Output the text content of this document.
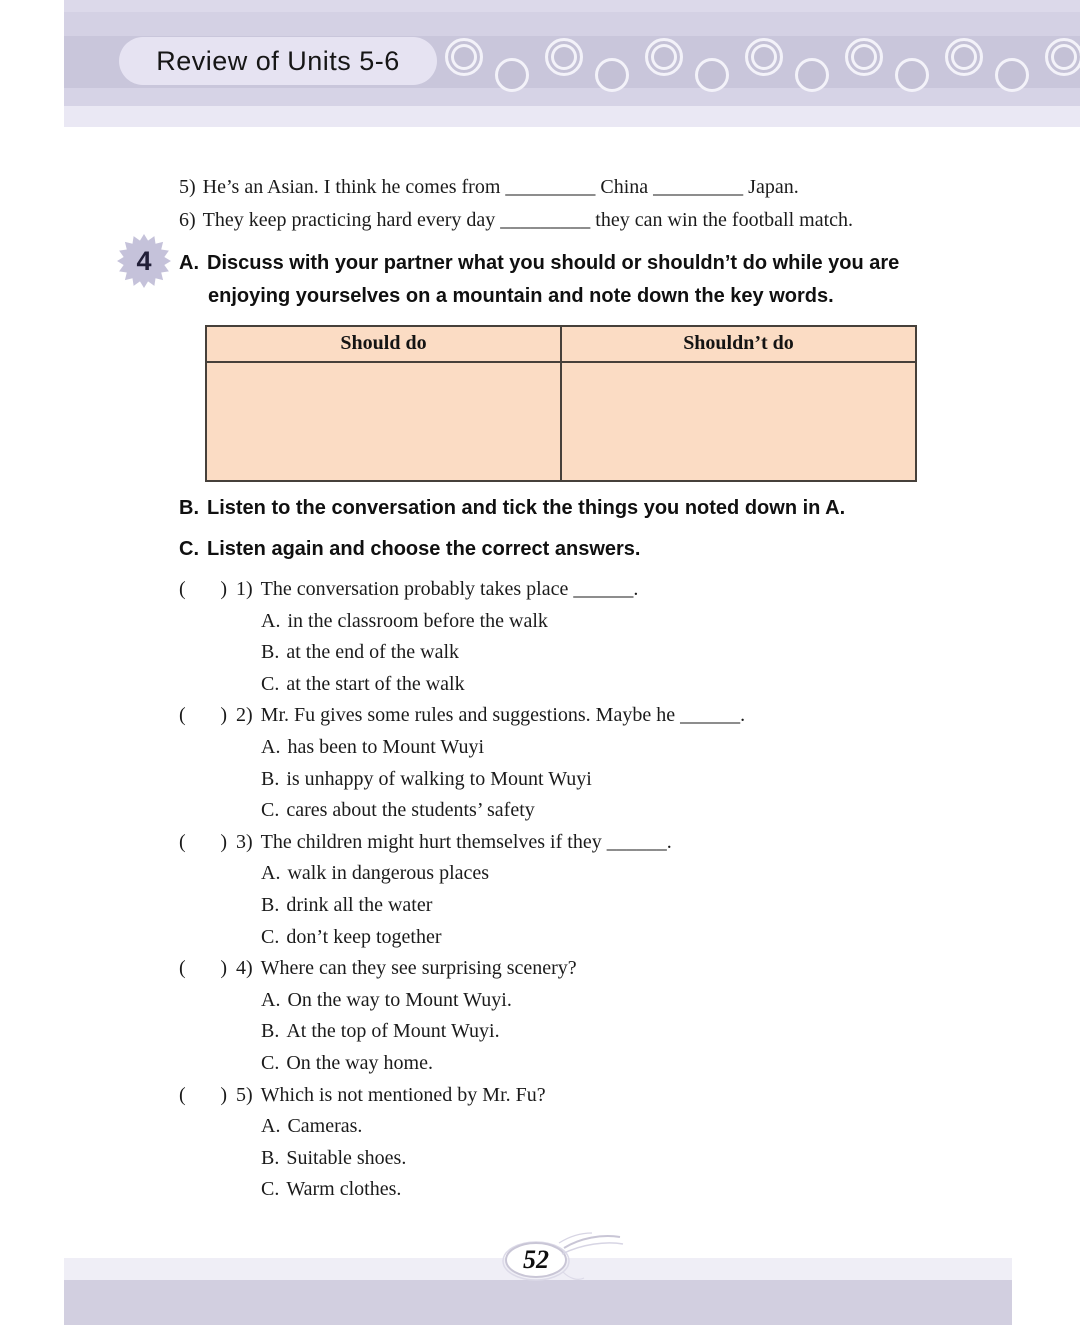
Review of Units 5-6
5) He’s an Asian. I think he comes from _________ China _________ Japan.
6) They keep practicing hard every day _________ they can win the football match.
4	A. Discuss with your partner what you should or shouldn’t do while you are enjoying yourselves on a mountain and note down the key words.
Should do	Shouldn’t do
B. Listen to the conversation and tick the things you noted down in A.
C. Listen again and choose the correct answers.
( ) 1) The conversation probably takes place ______.
A. in the classroom before the walk
B. at the end of the walk
C. at the start of the walk
( ) 2) Mr. Fu gives some rules and suggestions. Maybe he ______.
A. has been to Mount Wuyi
B. is unhappy of walking to Mount Wuyi
C. cares about the students’ safety
( ) 3) The children might hurt themselves if they ______.
A. walk in dangerous places
B. drink all the water
C. don’t keep together
( ) 4) Where can they see surprising scenery?
A. On the way to Mount Wuyi.
B. At the top of Mount Wuyi.
C. On the way home.
( ) 5) Which is not mentioned by Mr. Fu?
A. Cameras.
B. Suitable shoes.
C. Warm clothes.
52
